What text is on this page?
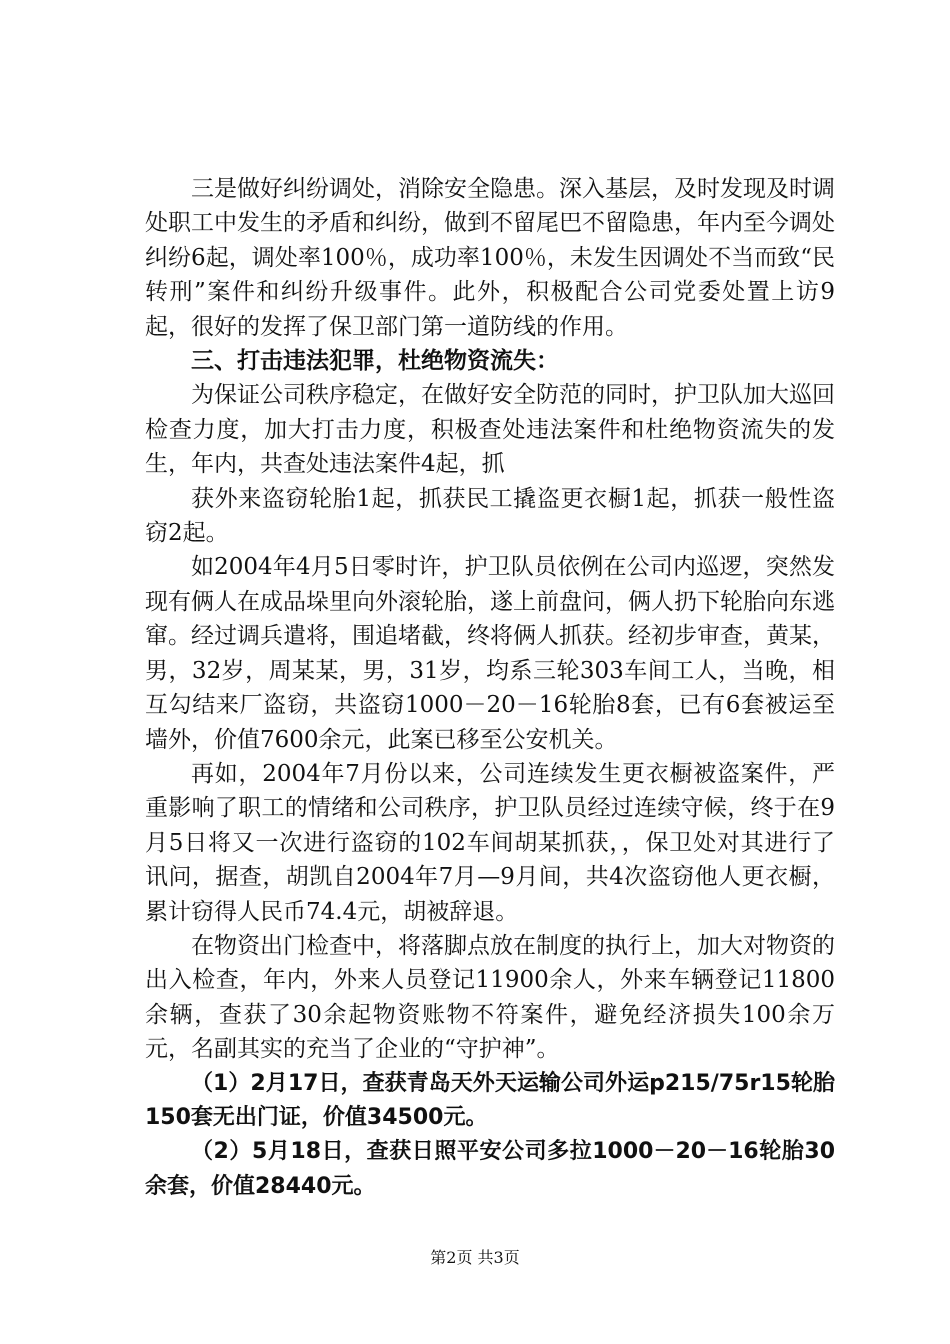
三是做好纠纷调处，消除安全隐患。深入基层，及时发现及时调处职工中发生的矛盾和纠纷，做到不留尾巴不留隐患，年内至今调处纠纷6起，调处率100％，成功率100％，未发生因调处不当而致“民转刑”案件和纠纷升级事件。此外，积极配合公司党委处置上访9起，很好的发挥了保卫部门第一道防线的作用。

三、打击违法犯罪，杜绝物资流失：

为保证公司秩序稳定，在做好安全防范的同时，护卫队加大巡回检查力度，加大打击力度，积极查处违法案件和杜绝物资流失的发生，年内，共查处违法案件4起，抓

获外来盗窃轮胎1起，抓获民工撬盗更衣橱1起，抓获一般性盗窃2起。

如2004年4月5日零时许，护卫队员依例在公司内巡逻，突然发现有俩人在成品垛里向外滚轮胎，遂上前盘问，俩人扔下轮胎向东逃窜。经过调兵遣将，围追堵截，终将俩人抓获。经初步审查，黄某，男，32岁，周某某，男，31岁，均系三轮303车间工人，当晚，相互勾结来厂盗窃，共盗窃1000－20－16轮胎8套，已有6套被运至墙外，价值7600余元，此案已移至公安机关。

再如，2004年7月份以来，公司连续发生更衣橱被盗案件，严重影响了职工的情绪和公司秩序，护卫队员经过连续守候，终于在9月5日将又一次进行盗窃的102车间胡某抓获，，保卫处对其进行了讯问，据查，胡凯自2004年7月—9月间，共4次盗窃他人更衣橱，累计窃得人民币74.4元，胡被辞退。

在物资出门检查中，将落脚点放在制度的执行上，加大对物资的出入检查，年内，外来人员登记11900余人，外来车辆登记11800余辆，查获了30余起物资账物不符案件，避免经济损失100余万元，名副其实的充当了企业的“守护神”。

（1）2月17日，查获青岛天外天运输公司外运p215/75r15轮胎150套无出门证，价值34500元。

（2）5月18日，查获日照平安公司多拉1000－20－16轮胎30余套，价值28440元。

第2页 共3页
